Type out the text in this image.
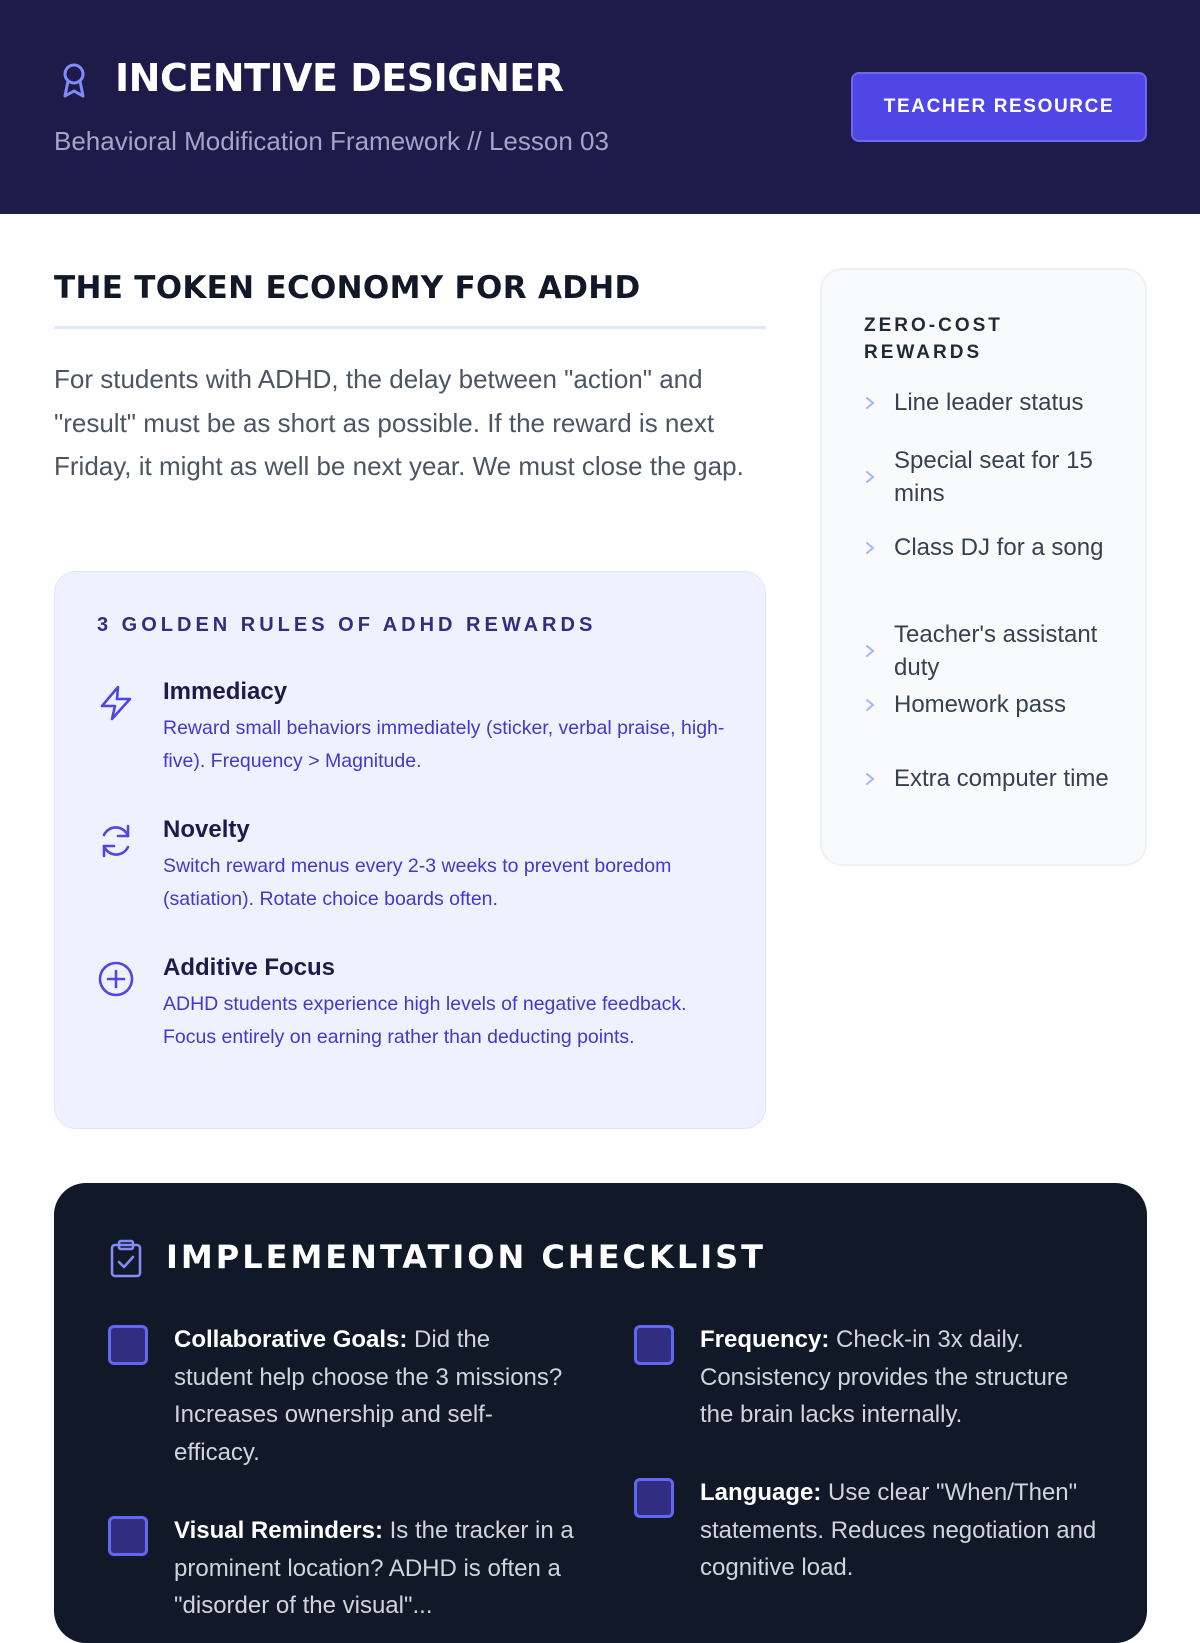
INCENTIVE DESIGNER
Behavioral Modification Framework // Lesson 03
TEACHER RESOURCE
THE TOKEN ECONOMY FOR ADHD
For students with ADHD, the delay between "action" and "result" must be as short as possible. If the reward is next Friday, it might as well be next year. We must close the gap.
3 GOLDEN RULES OF ADHD REWARDS
Immediacy
Reward small behaviors immediately (sticker, verbal praise, high-five). Frequency > Magnitude.
Novelty
Switch reward menus every 2-3 weeks to prevent boredom (satiation). Rotate choice boards often.
Additive Focus
ADHD students experience high levels of negative feedback. Focus entirely on earning rather than deducting points.
ZERO-COST REWARDS
Line leader status
Special seat for 15 mins
Class DJ for a song
Teacher's assistant duty
Homework pass
Extra computer time
IMPLEMENTATION CHECKLIST
Collaborative Goals: Did the student help choose the 3 missions? Increases ownership and self-efficacy.
Frequency: Check-in 3x daily. Consistency provides the structure the brain lacks internally.
Visual Reminders: Is the tracker in a prominent location? ADHD is often a "disorder of the visual"...
Language: Use clear "When/Then" statements. Reduces negotiation and cognitive load.
